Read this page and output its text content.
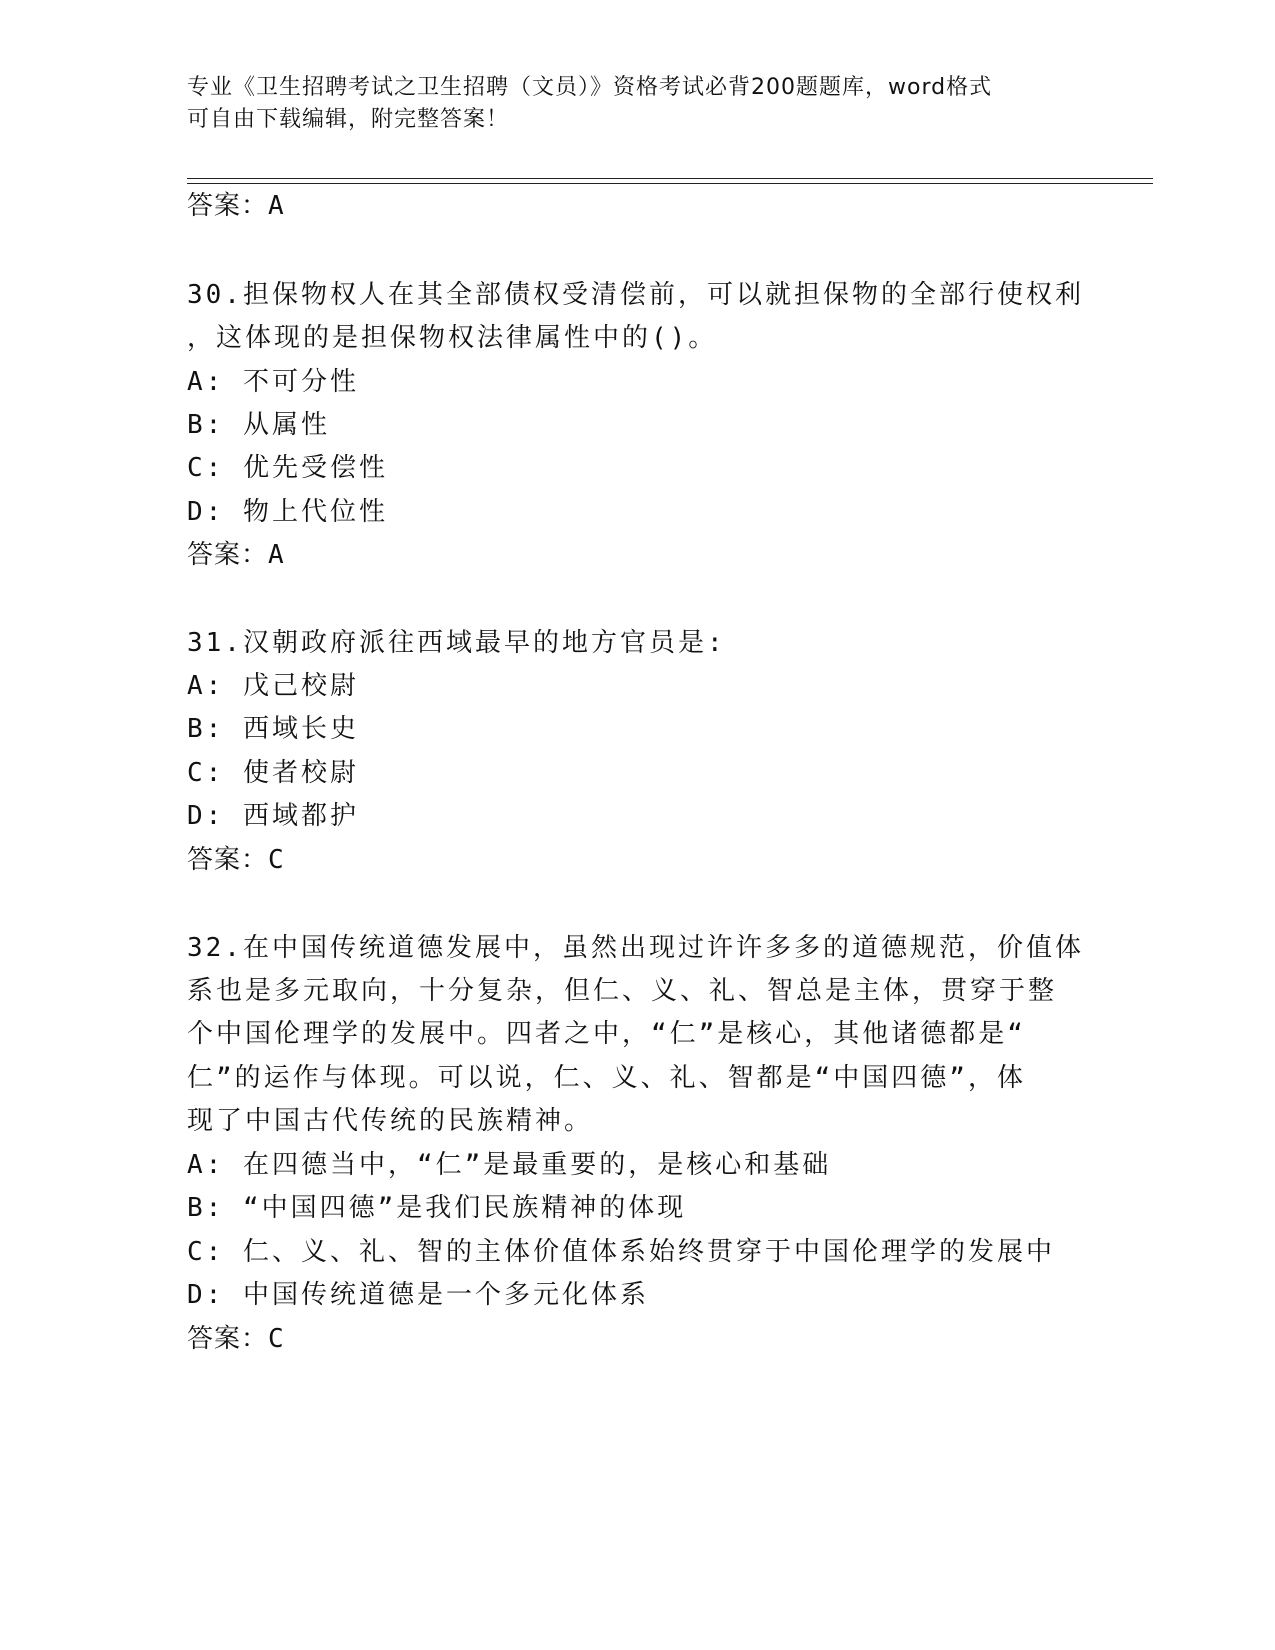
专业《卫生招聘考试之卫生招聘（文员）》资格考试必背200题题库，word格式
可自由下载编辑，附完整答案！
答案：A
30.担保物权人在其全部债权受清偿前，可以就担保物的全部行使权利
，这体现的是担保物权法律属性中的()。
A: 不可分性
B: 从属性
C: 优先受偿性
D: 物上代位性
答案：A
31.汉朝政府派往西域最早的地方官员是:
A: 戊己校尉
B: 西域长史
C: 使者校尉
D: 西域都护
答案：C
32.在中国传统道德发展中，虽然出现过许许多多的道德规范，价值体
系也是多元取向，十分复杂，但仁、义、礼、智总是主体，贯穿于整
个中国伦理学的发展中。四者之中，“仁”是核心，其他诸德都是“
仁”的运作与体现。可以说，仁、义、礼、智都是“中国四德”，体
现了中国古代传统的民族精神。
A: 在四德当中，“仁”是最重要的，是核心和基础
B: “中国四德”是我们民族精神的体现
C: 仁、义、礼、智的主体价值体系始终贯穿于中国伦理学的发展中
D: 中国传统道德是一个多元化体系
答案：C
